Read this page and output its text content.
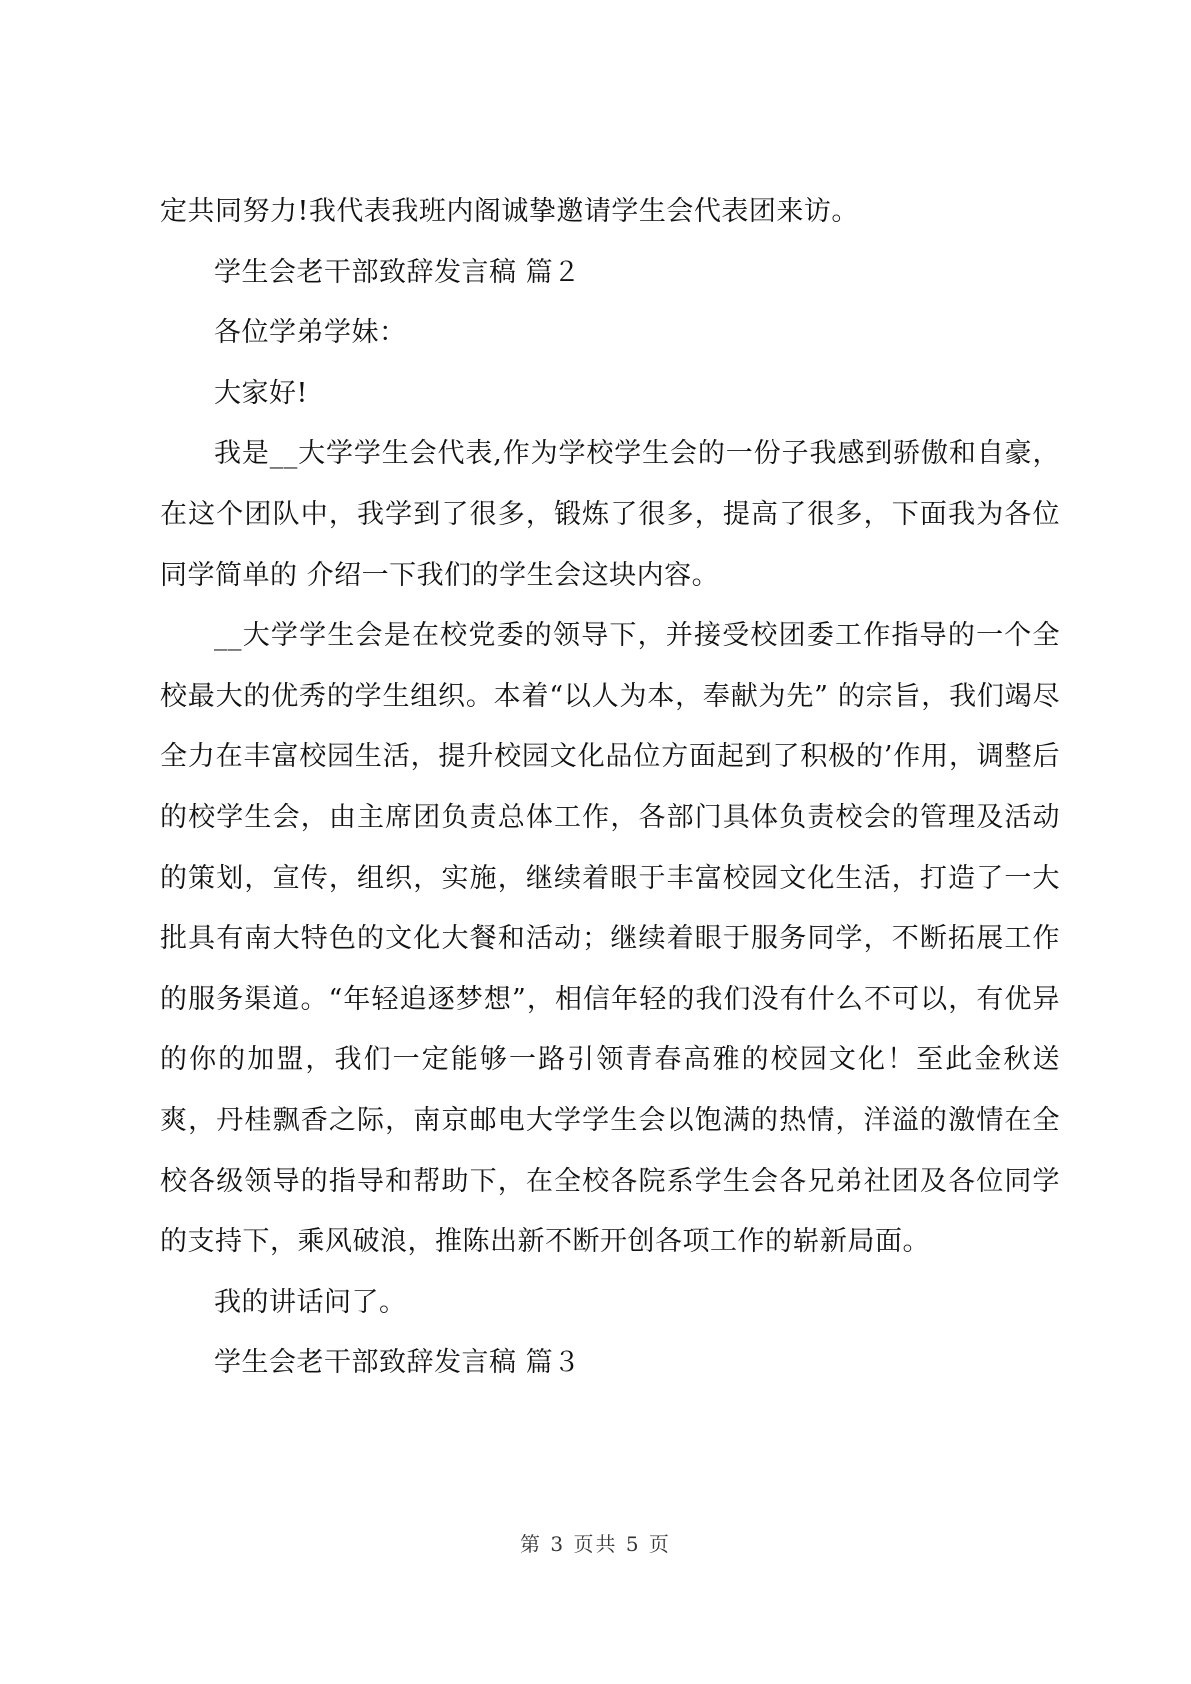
定共同努力!我代表我班内阁诚挚邀请学生会代表团来访。

学生会老干部致辞发言稿 篇２

各位学弟学妹：

大家好!

我是__大学学生会代表,作为学校学生会的一份子我感到骄傲和自豪，在这个团队中，我学到了很多，锻炼了很多，提高了很多，下面我为各位同学简单的 介绍一下我们的学生会这块内容。

__大学学生会是在校党委的领导下，并接受校团委工作指导的一个全校最大的优秀的学生组织。本着“以人为本，奉献为先” 的宗旨，我们竭尽全力在丰富校园生活，提升校园文化品位方面起到了积极的’作用，调整后的校学生会，由主席团负责总体工作，各部门具体负责校会的管理及活动的策划，宣传，组织，实施，继续着眼于丰富校园文化生活，打造了一大批具有南大特色的文化大餐和活动；继续着眼于服务同学，不断拓展工作的服务渠道。“年轻追逐梦想”，相信年轻的我们没有什么不可以，有优异的你的加盟，我们一定能够一路引领青春高雅的校园文化！至此金秋送爽，丹桂飘香之际，南京邮电大学学生会以饱满的热情，洋溢的激情在全校各级领导的指导和帮助下，在全校各院系学生会各兄弟社团及各位同学的支持下，乘风破浪，推陈出新不断开创各项工作的崭新局面。

我的讲话问了。

学生会老干部致辞发言稿 篇３

第 3 页共 5 页
